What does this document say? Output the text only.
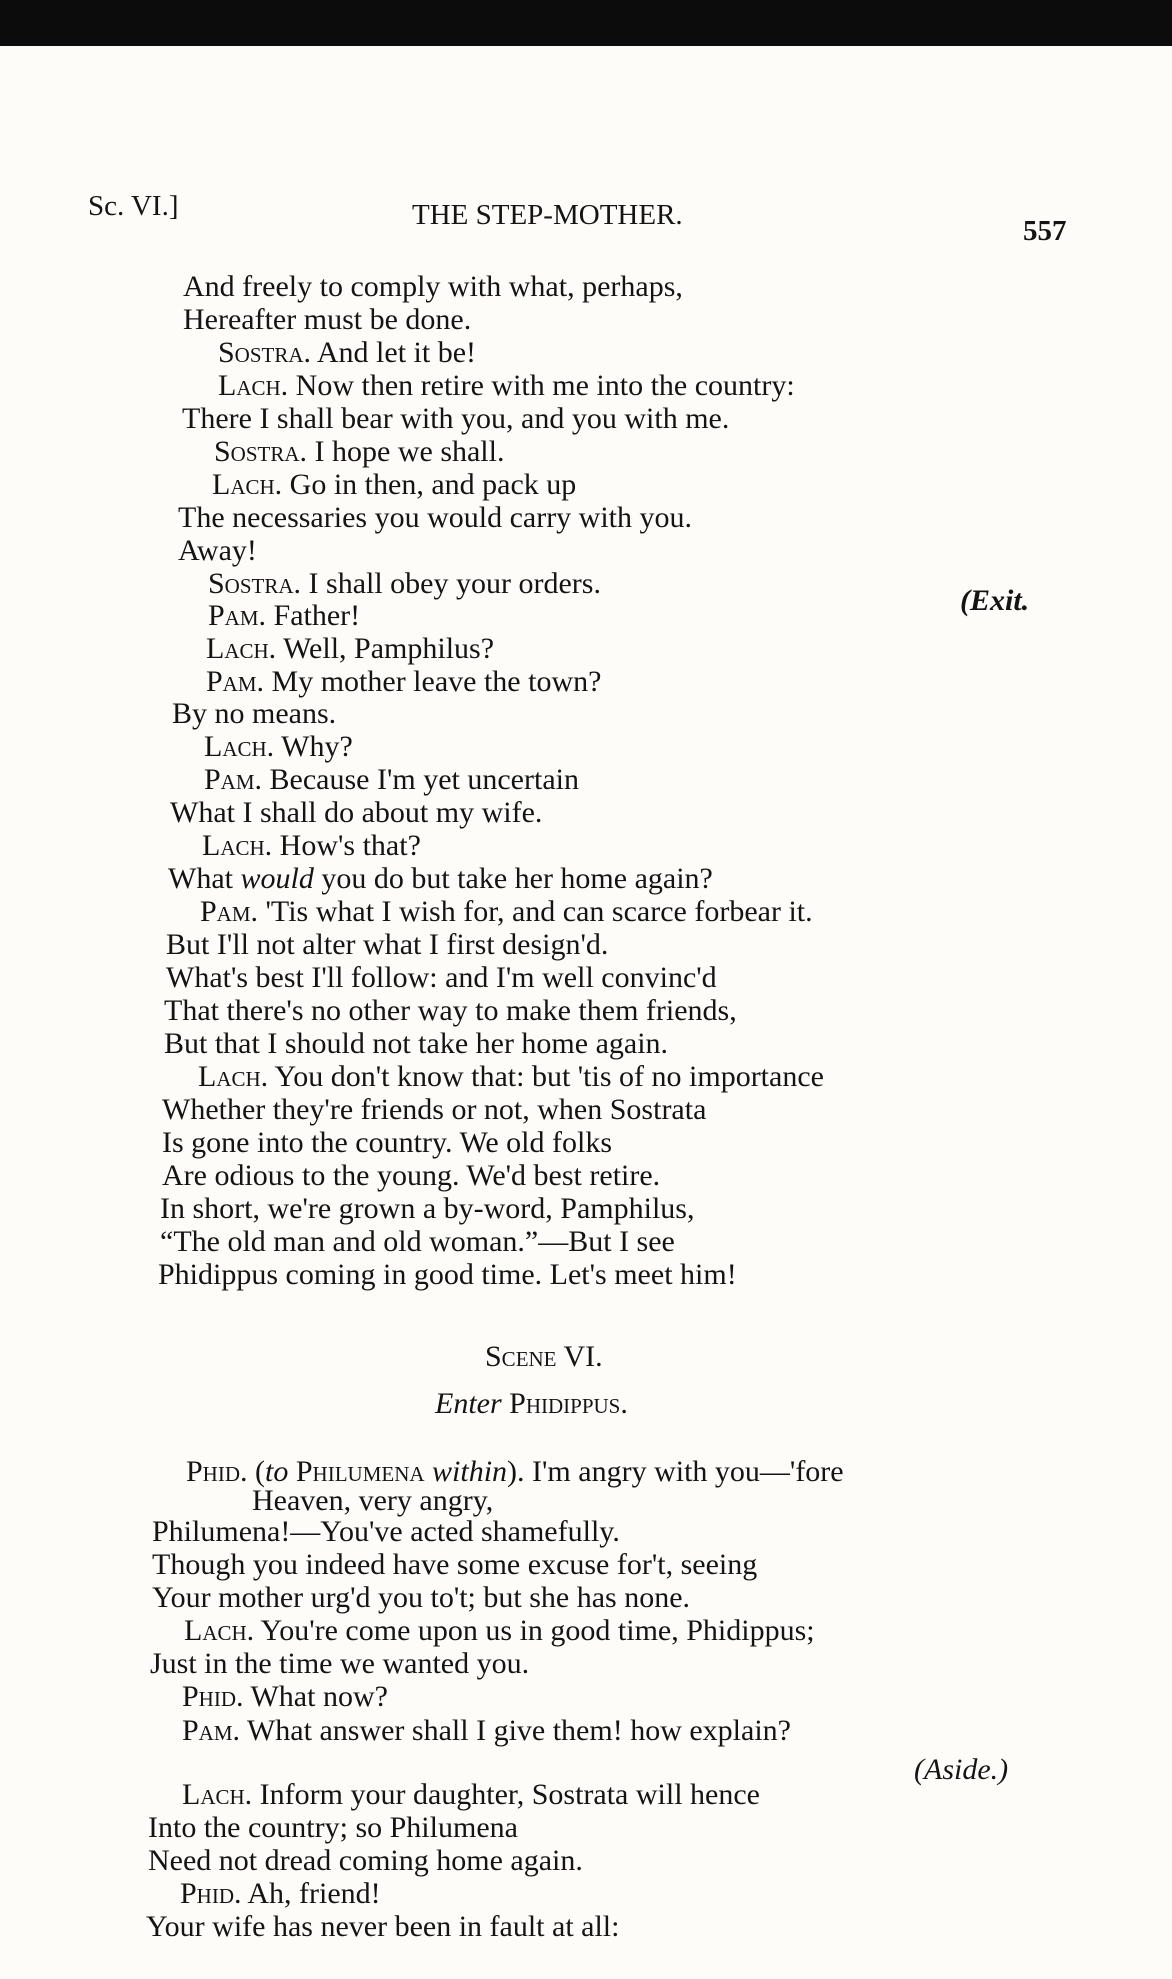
Sc. VI.]	THE STEP-MOTHER.	557
And freely to comply with what, perhaps,
Hereafter must be done.
Sostra. And let it be!
Lach. Now then retire with me into the country:
There I shall bear with you, and you with me.
Sostra. I hope we shall.
Lach. Go in then, and pack up
The necessaries you would carry with you.
Away!
Sostra. I shall obey your orders.
(Exit.
Pam. Father!
Lach. Well, Pamphilus?
Pam. My mother leave the town?
By no means.
Lach. Why?
Pam. Because I'm yet uncertain
What I shall do about my wife.
Lach. How's that?
What would you do but take her home again?
Pam. 'Tis what I wish for, and can scarce forbear it.
But I'll not alter what I first design'd.
What's best I'll follow: and I'm well convinc'd
That there's no other way to make them friends,
But that I should not take her home again.
Lach. You don't know that: but 'tis of no importance
Whether they're friends or not, when Sostrata
Is gone into the country. We old folks
Are odious to the young. We'd best retire.
In short, we're grown a by-word, Pamphilus,
“The old man and old woman.”—But I see
Phidippus coming in good time. Let's meet him!
Scene VI.
Enter Phidippus.
Phid. (to Philumena within). I'm angry with you—'fore
Heaven, very angry,
Philumena!—You've acted shamefully.
Though you indeed have some excuse for't, seeing
Your mother urg'd you to't; but she has none.
Lach. You're come upon us in good time, Phidippus;
Just in the time we wanted you.
Phid. What now?
Pam. What answer shall I give them! how explain?
(Aside.)
Lach. Inform your daughter, Sostrata will hence
Into the country; so Philumena
Need not dread coming home again.
Phid. Ah, friend!
Your wife has never been in fault at all:
